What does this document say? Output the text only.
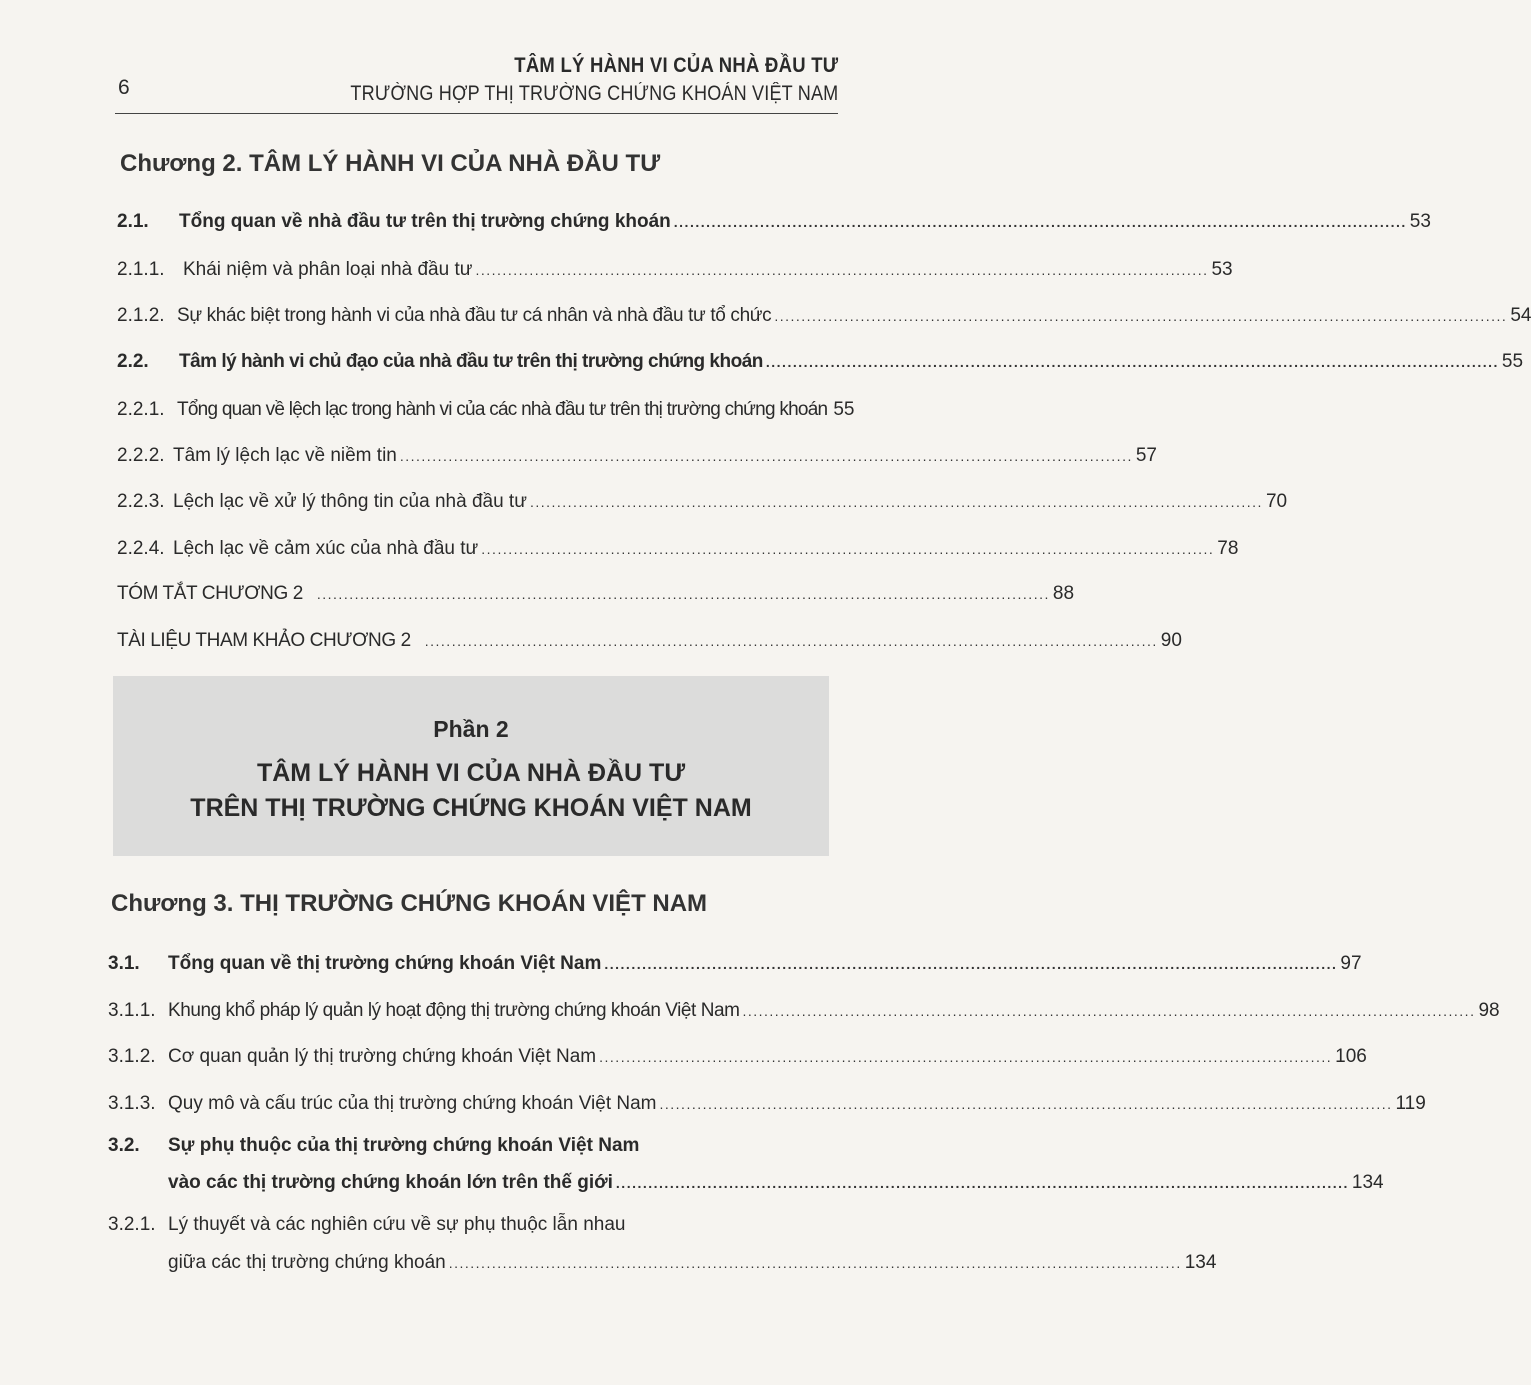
6
TÂM LÝ HÀNH VI CỦA NHÀ ĐẦU TƯ
TRƯỜNG HỢP THỊ TRƯỜNG CHỨNG KHOÁN VIỆT NAM
Chương 2. TÂM LÝ HÀNH VI CỦA NHÀ ĐẦU TƯ
2.1.	Tổng quan về nhà đầu tư trên thị trường chứng khoán ........................................................................................................................................ 53
2.1.1. Khái niệm và phân loại nhà đầu tư ........................................................................................................................................ 53
2.1.2. Sự khác biệt trong hành vi của nhà đầu tư cá nhân và nhà đầu tư tổ chức ........................................................................................................................................ 54
2.2.	Tâm lý hành vi chủ đạo của nhà đầu tư trên thị trường chứng khoán ........................................................................................................................................ 55
2.2.1. Tổng quan về lệch lạc trong hành vi của các nhà đầu tư trên thị trường chứng khoán 55
2.2.2. Tâm lý lệch lạc về niềm tin ........................................................................................................................................ 57
2.2.3. Lệch lạc về xử lý thông tin của nhà đầu tư ........................................................................................................................................ 70
2.2.4. Lệch lạc về cảm xúc của nhà đầu tư ........................................................................................................................................ 78
TÓM TẮT CHƯƠNG 2 ........................................................................................................................................ 88
TÀI LIỆU THAM KHẢO CHƯƠNG 2 ........................................................................................................................................ 90
Phần 2
TÂM LÝ HÀNH VI CỦA NHÀ ĐẦU TƯ
TRÊN THỊ TRƯỜNG CHỨNG KHOÁN VIỆT NAM
Chương 3. THỊ TRƯỜNG CHỨNG KHOÁN VIỆT NAM
3.1.	Tổng quan về thị trường chứng khoán Việt Nam ........................................................................................................................................ 97
3.1.1. Khung khổ pháp lý quản lý hoạt động thị trường chứng khoán Việt Nam ........................................................................................................................................ 98
3.1.2. Cơ quan quản lý thị trường chứng khoán Việt Nam ........................................................................................................................................ 106
3.1.3. Quy mô và cấu trúc của thị trường chứng khoán Việt Nam ........................................................................................................................................ 119
3.2. Sự phụ thuộc của thị trường chứng khoán Việt Nam
vào các thị trường chứng khoán lớn trên thế giới ........................................................................................................................................ 134
3.2.1. Lý thuyết và các nghiên cứu về sự phụ thuộc lẫn nhau
giữa các thị trường chứng khoán ........................................................................................................................................ 134
